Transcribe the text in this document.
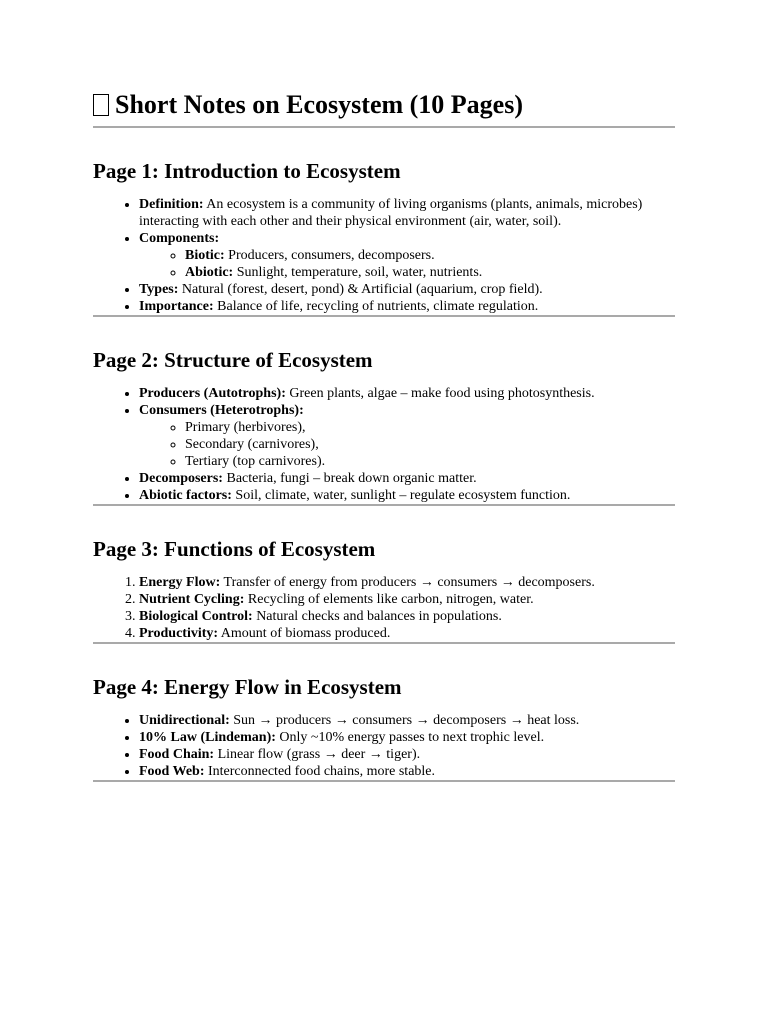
Short Notes on Ecosystem (10 Pages)
Page 1: Introduction to Ecosystem
• Definition: An ecosystem is a community of living organisms (plants, animals, microbes) interacting with each other and their physical environment (air, water, soil).
• Components:
◦ Biotic: Producers, consumers, decomposers.
◦ Abiotic: Sunlight, temperature, soil, water, nutrients.
• Types: Natural (forest, desert, pond) & Artificial (aquarium, crop field).
• Importance: Balance of life, recycling of nutrients, climate regulation.
Page 2: Structure of Ecosystem
• Producers (Autotrophs): Green plants, algae – make food using photosynthesis.
• Consumers (Heterotrophs):
◦ Primary (herbivores),
◦ Secondary (carnivores),
◦ Tertiary (top carnivores).
• Decomposers: Bacteria, fungi – break down organic matter.
• Abiotic factors: Soil, climate, water, sunlight – regulate ecosystem function.
Page 3: Functions of Ecosystem
1. Energy Flow: Transfer of energy from producers → consumers → decomposers.
2. Nutrient Cycling: Recycling of elements like carbon, nitrogen, water.
3. Biological Control: Natural checks and balances in populations.
4. Productivity: Amount of biomass produced.
Page 4: Energy Flow in Ecosystem
• Unidirectional: Sun → producers → consumers → decomposers → heat loss.
• 10% Law (Lindeman): Only ~10% energy passes to next trophic level.
• Food Chain: Linear flow (grass → deer → tiger).
• Food Web: Interconnected food chains, more stable.
